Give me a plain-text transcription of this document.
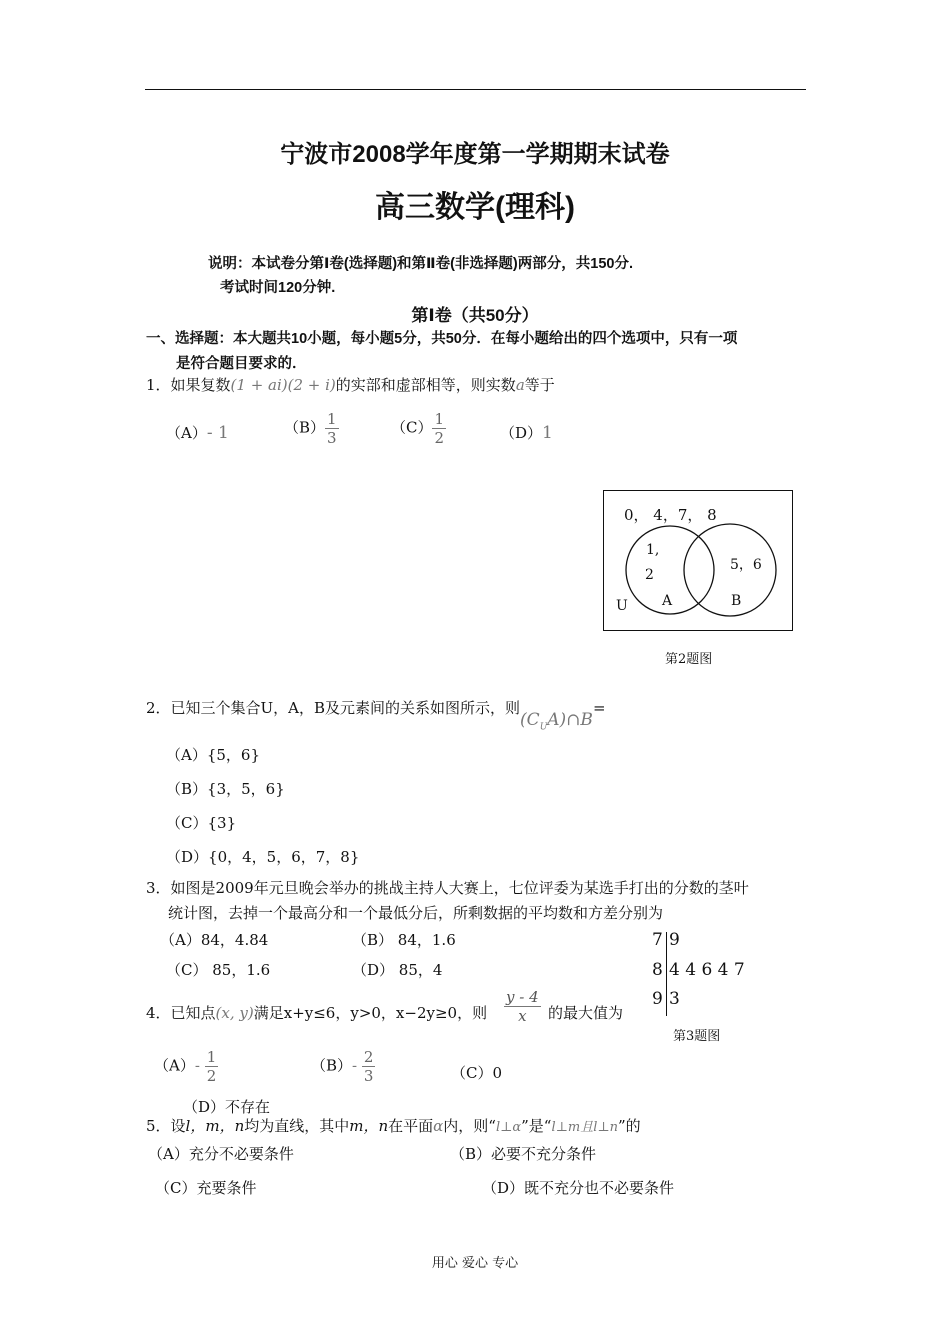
宁波市2008学年度第一学期期末试卷
高三数学(理科)
说明：本试卷分第Ⅰ卷(选择题)和第Ⅱ卷(非选择题)两部分，共150分.
考试时间120分钟.
第Ⅰ卷（共50分）
一、选择题：本大题共10小题，每小题5分，共50分．在每小题给出的四个选项中，只有一项
是符合题目要求的．
1．如果复数(1 + ai)(2 + i)的实部和虚部相等，则实数a等于
（A）- 1	$(B) \frac{1}{3}$	$(C) \frac{1}{2}$	（D）1
0， 4，7， 8
1,
2
5，6
A	B
U
第2题图
2．已知三个集合U，A，B及元素间的关系如图所示，则$(C_UA)\cap B=$
（A）{5，6}
（B）{3，5，6}
（C）{3}
（D）{0，4，5，6，7，8}
3．如图是2009年元旦晚会举办的挑战主持人大赛上，七位评委为某选手打出的分数的茎叶
统计图，去掉一个最高分和一个最低分后，所剩数据的平均数和方差分别为
（A）84，4.84	（B） 84，1.6
（C） 85，1.6	（D） 85，4
7 9
8 4 4 6 4 7
9 3
第3题图
4．已知点(x, y)满足x+y≤6，y>0，x−2y≥0，则 $\frac{y - 4}{x}$ 的最大值为
$(A)- \frac{1}{2}$	$(B)- \frac{2}{3}$	（C）0
（D）不存在
5．设l，m，n均为直线，其中m，n在平面α内，则“l⊥α”是“l⊥m且l⊥n”的
（A）充分不必要条件	（B）必要不充分条件
（C）充要条件	（D）既不充分也不必要条件
用心 爱心 专心
